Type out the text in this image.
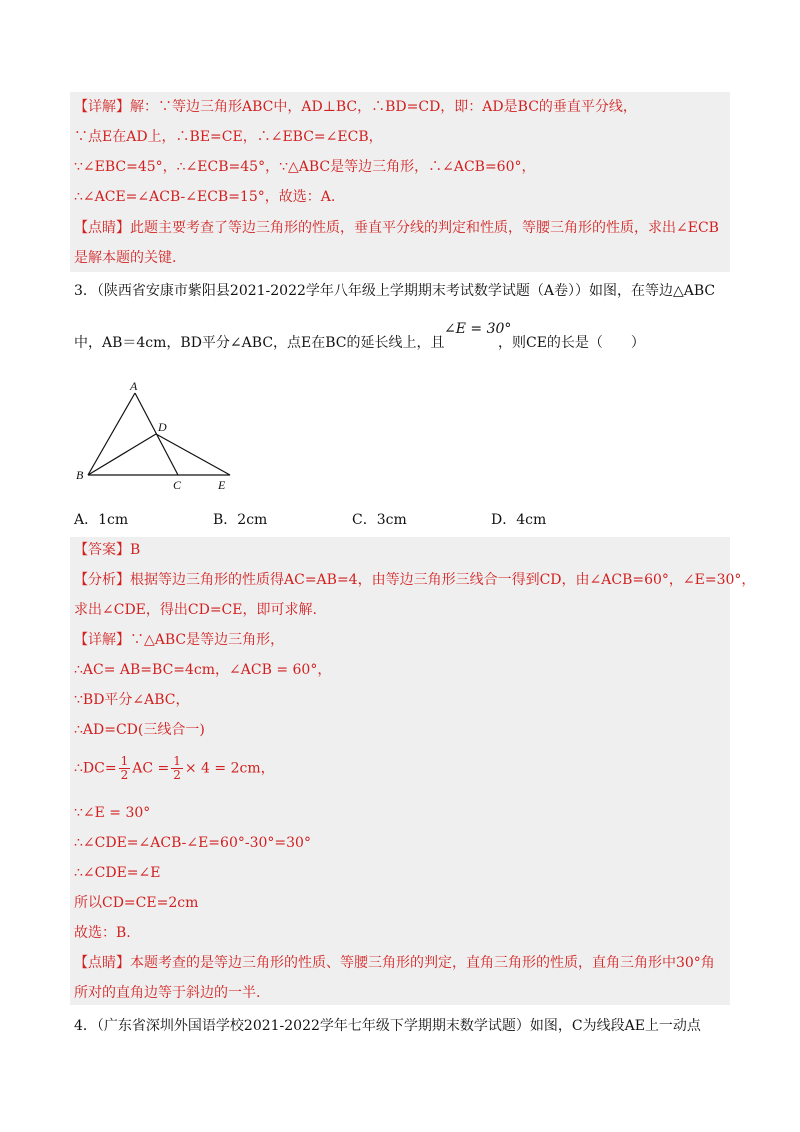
【详解】解：∵等边三角形ABC中，AD⊥BC，∴BD=CD，即：AD是BC的垂直平分线，
∵点E在AD上，∴BE=CE，∴∠EBC=∠ECB，
∵∠EBC=45°，∴∠ECB=45°，∵△ABC是等边三角形，∴∠ACB=60°，
∴∠ACE=∠ACB-∠ECB=15°，故选：A.
【点睛】此题主要考查了等边三角形的性质，垂直平分线的判定和性质，等腰三角形的性质，求出∠ECB
是解本题的关键.
3．（陕西省安康市紫阳县2021-2022学年八年级上学期期末考试数学试题（A卷））如图，在等边△ABC
中，AB＝4cm，BD平分∠ABC，点E在BC的延长线上，且
∠E = 30°
，则CE的长是（　　）
A
B
C
D
E
A．1cm	B．2cm	C．3cm	D．4cm
【答案】B
【分析】根据等边三角形的性质得AC=AB=4，由等边三角形三线合一得到CD，由∠ACB=60°，∠E=30°，
求出∠CDE，得出CD=CE，即可求解.
【详解】∵△ABC是等边三角形，
∴AC= AB=BC=4cm，∠ACB = 60°，
∵BD平分∠ABC，
∴AD=CD(三线合一)
∴DC= $\frac{1}{2}$ AC = $\frac{1}{2} \times 4 = 2cm$，
∵∠E = 30°
∴∠CDE=∠ACB-∠E=60°-30°=30°
∴∠CDE=∠E
所以CD=CE=2cm
故选：B.
【点睛】本题考查的是等边三角形的性质、等腰三角形的判定，直角三角形的性质，直角三角形中30°角
所对的直角边等于斜边的一半.
4．（广东省深圳外国语学校2021-2022学年七年级下学期期末数学试题）如图，C为线段AE上一动点
